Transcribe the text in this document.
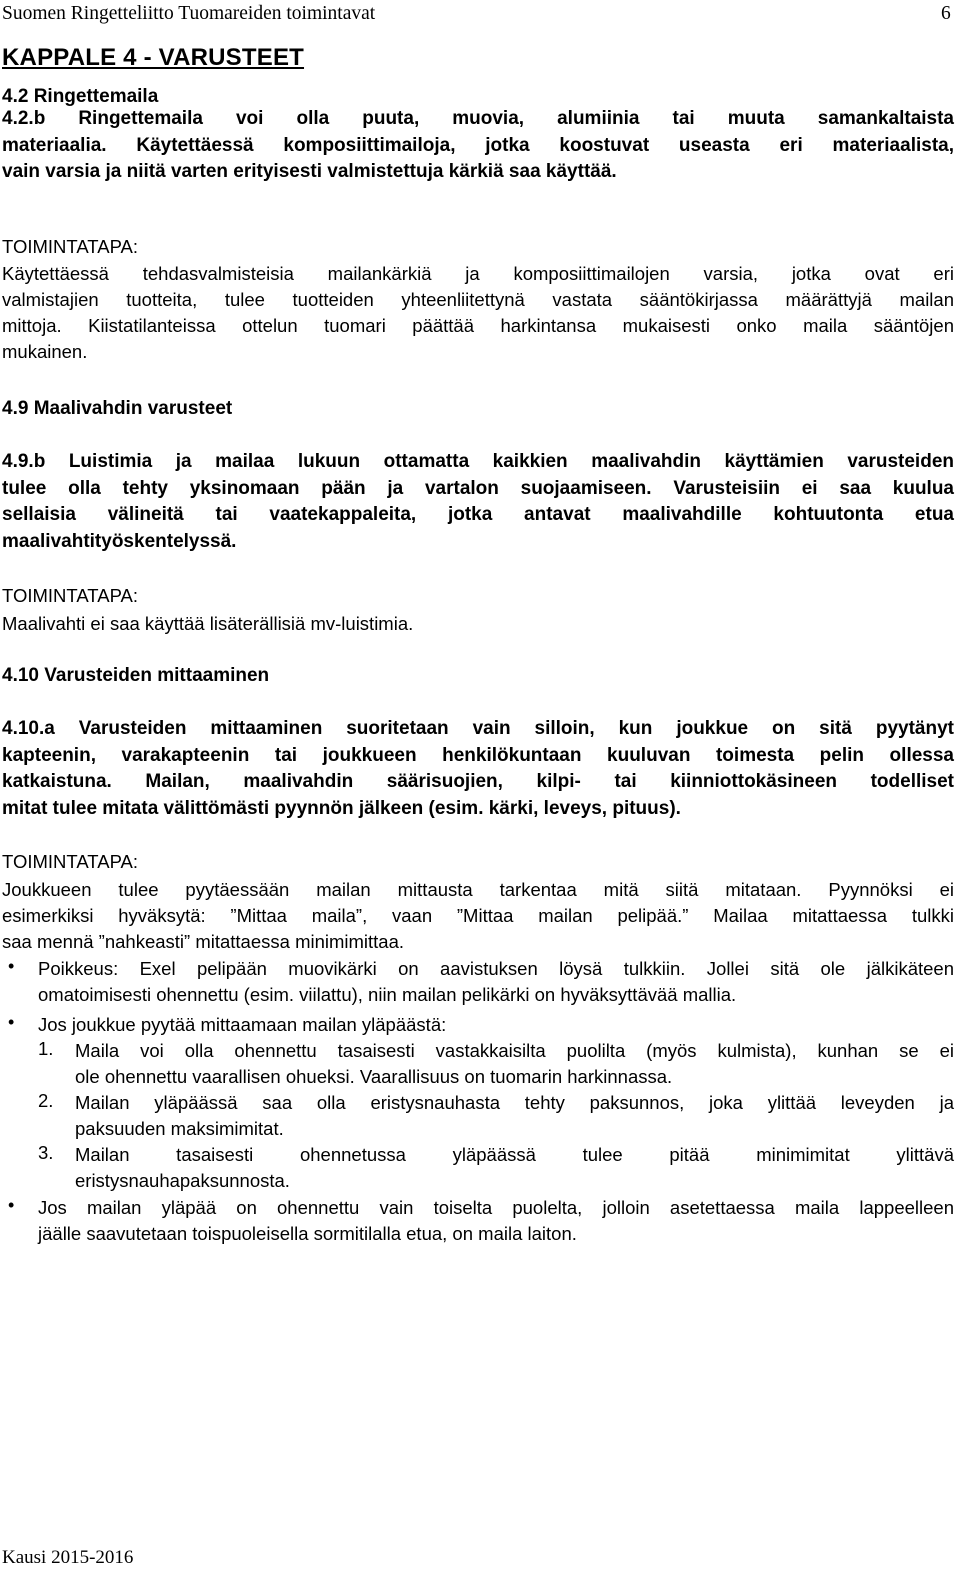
Suomen Ringetteliitto Tuomareiden toimintavat	6
KAPPALE 4 - VARUSTEET
4.2 Ringettemaila
4.2.b Ringettemaila voi olla puuta, muovia, alumiinia tai muuta samankaltaista
materiaalia. Käytettäessä komposiittimailoja, jotka koostuvat useasta eri materiaalista,
vain varsia ja niitä varten erityisesti valmistettuja kärkiä saa käyttää.
TOIMINTATAPA:
Käytettäessä tehdasvalmisteisia mailankärkiä ja komposiittimailojen varsia, jotka ovat eri
valmistajien tuotteita, tulee tuotteiden yhteenliitettynä vastata sääntökirjassa määrättyjä mailan
mittoja. Kiistatilanteissa ottelun tuomari päättää harkintansa mukaisesti onko maila sääntöjen
mukainen.
4.9 Maalivahdin varusteet
4.9.b Luistimia ja mailaa lukuun ottamatta kaikkien maalivahdin käyttämien varusteiden
tulee olla tehty yksinomaan pään ja vartalon suojaamiseen. Varusteisiin ei saa kuulua
sellaisia välineitä tai vaatekappaleita, jotka antavat maalivahdille kohtuutonta etua
maalivahtityöskentelyssä.
TOIMINTATAPA:
Maalivahti ei saa käyttää lisäterällisiä mv-luistimia.
4.10 Varusteiden mittaaminen
4.10.a Varusteiden mittaaminen suoritetaan vain silloin, kun joukkue on sitä pyytänyt
kapteenin, varakapteenin tai joukkueen henkilökuntaan kuuluvan toimesta pelin ollessa
katkaistuna. Mailan, maalivahdin säärisuojien, kilpi- tai kiinniottokäsineen todelliset
mitat tulee mitata välittömästi pyynnön jälkeen (esim. kärki, leveys, pituus).
TOIMINTATAPA:
Joukkueen tulee pyytäessään mailan mittausta tarkentaa mitä siitä mitataan. Pyynnöksi ei
esimerkiksi hyväksytä: ”Mittaa maila”, vaan ”Mittaa mailan pelipää.” Mailaa mitattaessa tulkki
saa mennä ”nahkeasti” mitattaessa minimimittaa.
• Poikkeus: Exel pelipään muovikärki on aavistuksen löysä tulkkiin. Jollei sitä ole jälkikäteen
omatoimisesti ohennettu (esim. viilattu), niin mailan pelikärki on hyväksyttävää mallia.
• Jos joukkue pyytää mittaamaan mailan yläpäästä:
1. Maila voi olla ohennettu tasaisesti vastakkaisilta puolilta (myös kulmista), kunhan se ei
ole ohennettu vaarallisen ohueksi. Vaarallisuus on tuomarin harkinnassa.
2. Mailan yläpäässä saa olla eristysnauhasta tehty paksunnos, joka ylittää leveyden ja
paksuuden maksimimitat.
3. Mailan tasaisesti ohennetussa yläpäässä tulee pitää minimimitat ylittävä
eristysnauhapaksunnosta.
• Jos mailan yläpää on ohennettu vain toiselta puolelta, jolloin asetettaessa maila lappeelleen
jäälle saavutetaan toispuoleisella sormitilalla etua, on maila laiton.
Kausi 2015-2016
